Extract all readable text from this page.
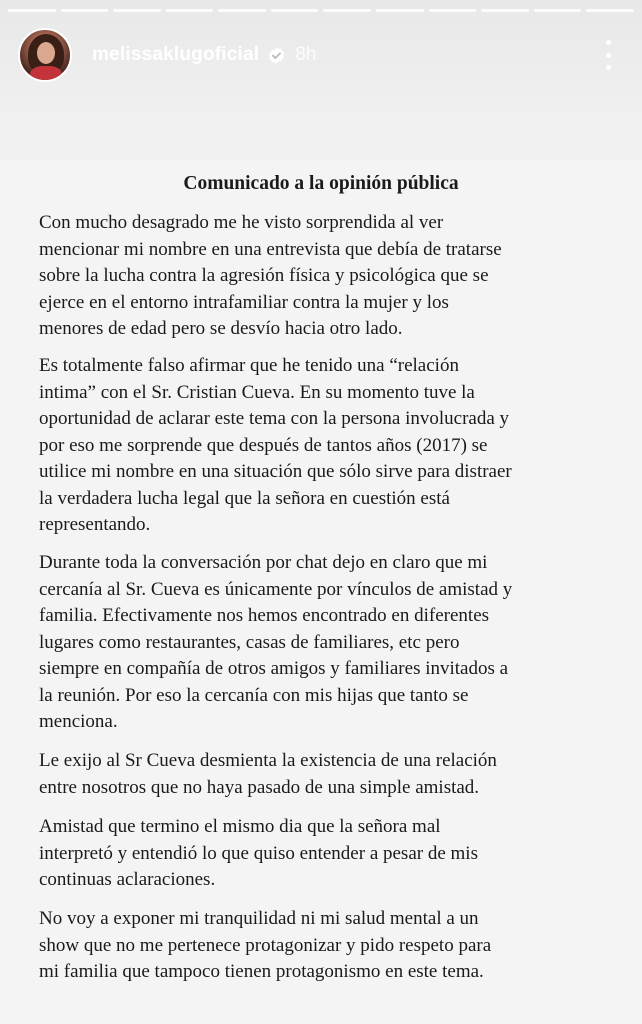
melissaklugoficial 8h
Comunicado a la opinión pública
Con mucho desagrado me he visto sorprendida al ver
mencionar mi nombre en una entrevista que debía de tratarse
sobre la lucha contra la agresión física y psicológica que se
ejerce en el entorno intrafamiliar contra la mujer y los
menores de edad pero se desvío hacia otro lado.
Es totalmente falso afirmar que he tenido una “relación
intima” con el Sr. Cristian Cueva. En su momento tuve la
oportunidad de aclarar este tema con la persona involucrada y
por eso me sorprende que después de tantos años (2017) se
utilice mi nombre en una situación que sólo sirve para distraer
la verdadera lucha legal que la señora en cuestión está
representando.
Durante toda la conversación por chat dejo en claro que mi
cercanía al Sr. Cueva es únicamente por vínculos de amistad y
familia. Efectivamente nos hemos encontrado en diferentes
lugares como restaurantes, casas de familiares, etc pero
siempre en compañía de otros amigos y familiares invitados a
la reunión. Por eso la cercanía con mis hijas que tanto se
menciona.
Le exijo al Sr Cueva desmienta la existencia de una relación
entre nosotros que no haya pasado de una simple amistad.
Amistad que termino el mismo dia que la señora mal
interpretó y entendió lo que quiso entender a pesar de mis
continuas aclaraciones.
No voy a exponer mi tranquilidad ni mi salud mental a un
show que no me pertenece protagonizar y pido respeto para
mi familia que tampoco tienen protagonismo en este tema.
